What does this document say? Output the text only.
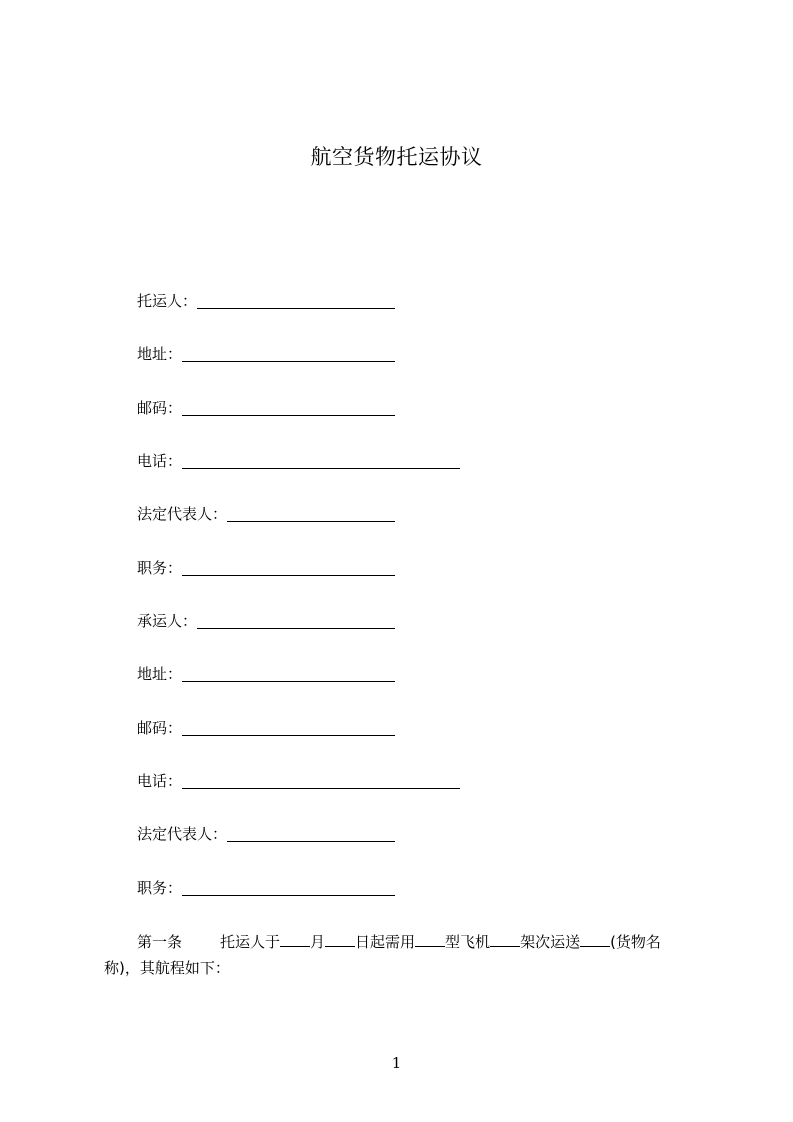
航空货物托运协议
托运人：
地址：
邮码：
电话：
法定代表人：
职务：
承运人：
地址：
邮码：
电话：
法定代表人：
职务：
第一条	托运人于 月 日起需用 型飞机 架次运送 (货物名
称)，其航程如下：
1
